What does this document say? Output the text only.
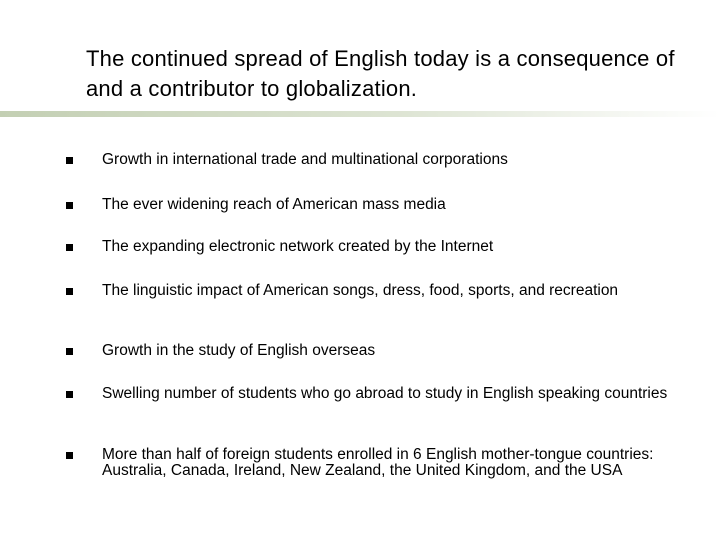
The continued spread of English today is a consequence of and a contributor to globalization.
Growth in international trade and multinational corporations
The ever widening reach of American mass media
The expanding electronic network created by the Internet
The linguistic impact of American songs, dress, food, sports, and recreation
Growth in the study of English overseas
Swelling number of students who go abroad to study in English speaking countries
More than half of foreign students enrolled in 6 English mother-tongue countries: Australia, Canada, Ireland, New Zealand, the United Kingdom, and the USA
